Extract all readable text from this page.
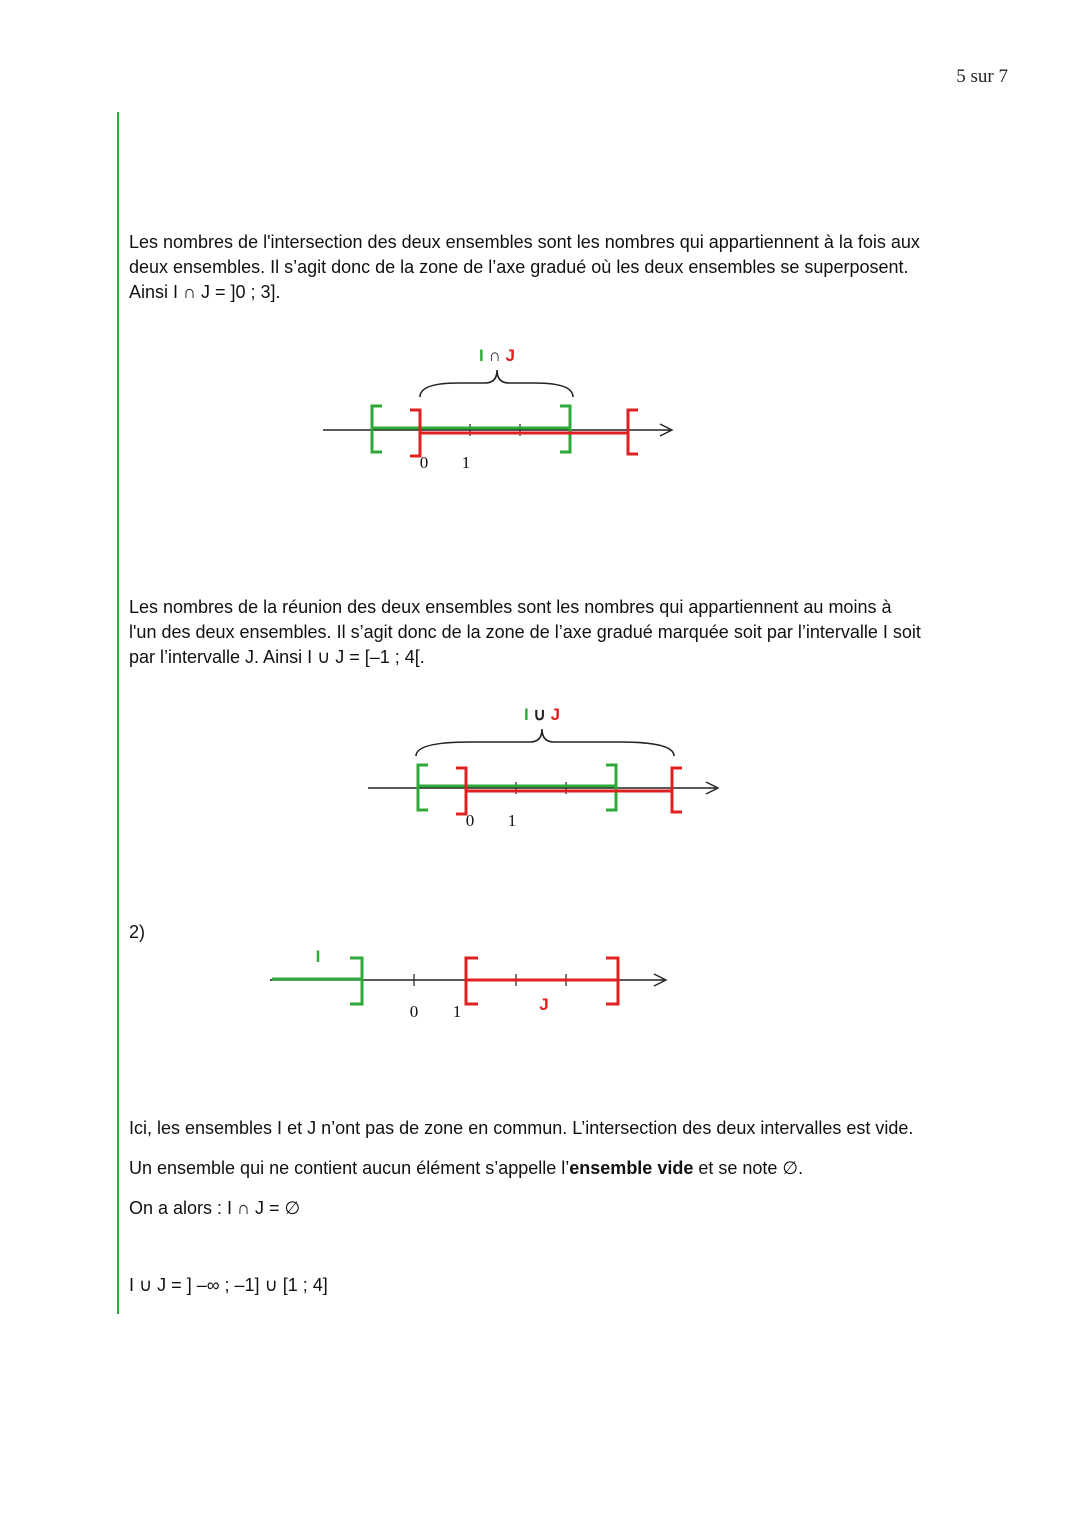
5 sur 7

Les nombres de l'intersection des deux ensembles sont les nombres qui appartiennent à la fois aux
deux ensembles. Il s’agit donc de la zone de l’axe gradué où les deux ensembles se superposent.
Ainsi I ∩ J = ]0 ; 3].

I ∩ J
0 1

Les nombres de la réunion des deux ensembles sont les nombres qui appartiennent au moins à
l'un des deux ensembles. Il s’agit donc de la zone de l’axe gradué marquée soit par l’intervalle I soit
par l’intervalle J. Ainsi I ∪ J = [–1 ; 4[.

I ∪ J
0 1
2)
I
J
0 1

Ici, les ensembles I et J n’ont pas de zone en commun. L’intersection des deux intervalles est vide.
Un ensemble qui ne contient aucun élément s’appelle l’ensemble vide et se note ∅.
On a alors : I ∩ J = ∅

I ∪ J = ] –∞ ; –1] ∪ [1 ; 4]
